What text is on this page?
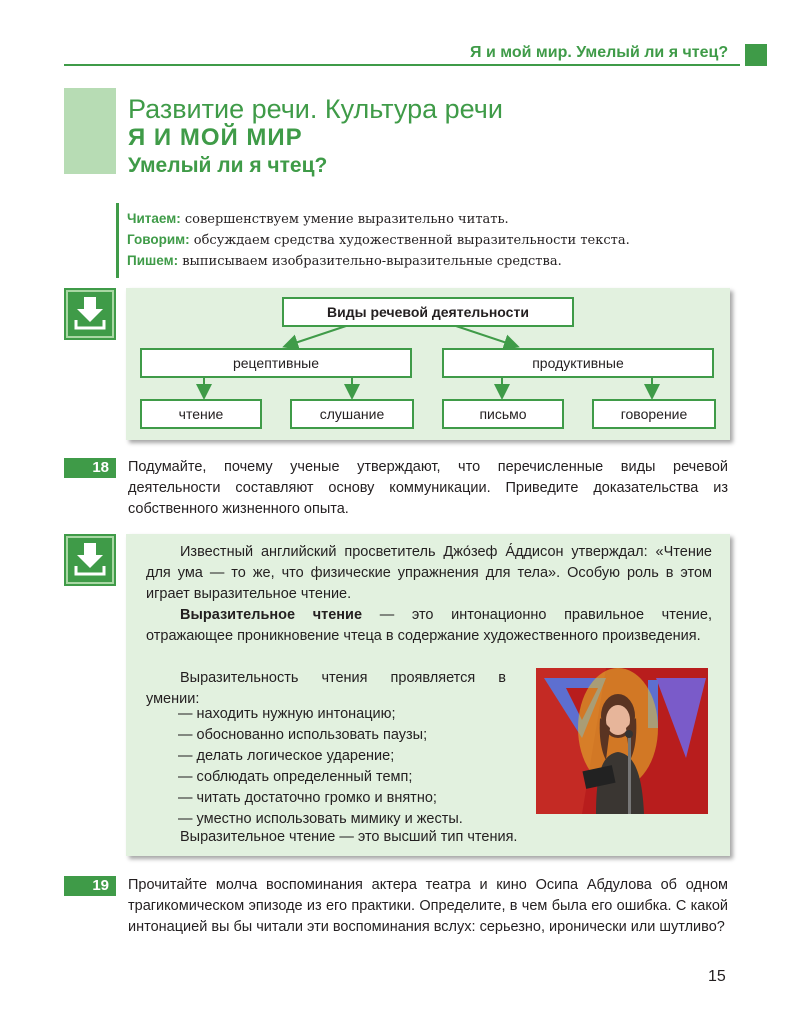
Я и мой мир. Умелый ли я чтец?
Развитие речи. Культура речи
Я И МОЙ МИР
Умелый ли я чтец?
Читаем: совершенствуем умение выразительно читать.
Говорим: обсуждаем средства художественной выразительности текста.
Пишем: выписываем изобразительно-выразительные средства.
Виды речевой деятельности
рецептивные	продуктивные
чтение	слушание	письмо	говорение
18	Подумайте, почему ученые утверждают, что перечисленные виды речевой деятельности составляют основу коммуникации. Приведите доказательства из собственного жизненного опыта.

Известный английский просветитель Джо́зеф А́ддисон утверждал: «Чтение для ума — то же, что физические упражнения для тела». Особую роль в этом играет выразительное чтение.

Выразительное чтение — это интонационно правильное чтение, отражающее проникновение чтеца в содержание художественного произведения.

Выразительность чтения проявляется в умении:

— находить нужную интонацию;
— обоснованно использовать паузы;
— делать логическое ударение;
— соблюдать определенный темп;
— читать достаточно громко и внятно;
— уместно использовать мимику и жесты.

Выразительное чтение — это высший тип чтения.

19	Прочитайте молча воспоминания актера театра и кино Осипа Абдулова об одном трагикомическом эпизоде из его практики. Определите, в чем была его ошибка. С какой интонацией вы бы читали эти воспоминания вслух: серьезно, иронически или шутливо?
15
